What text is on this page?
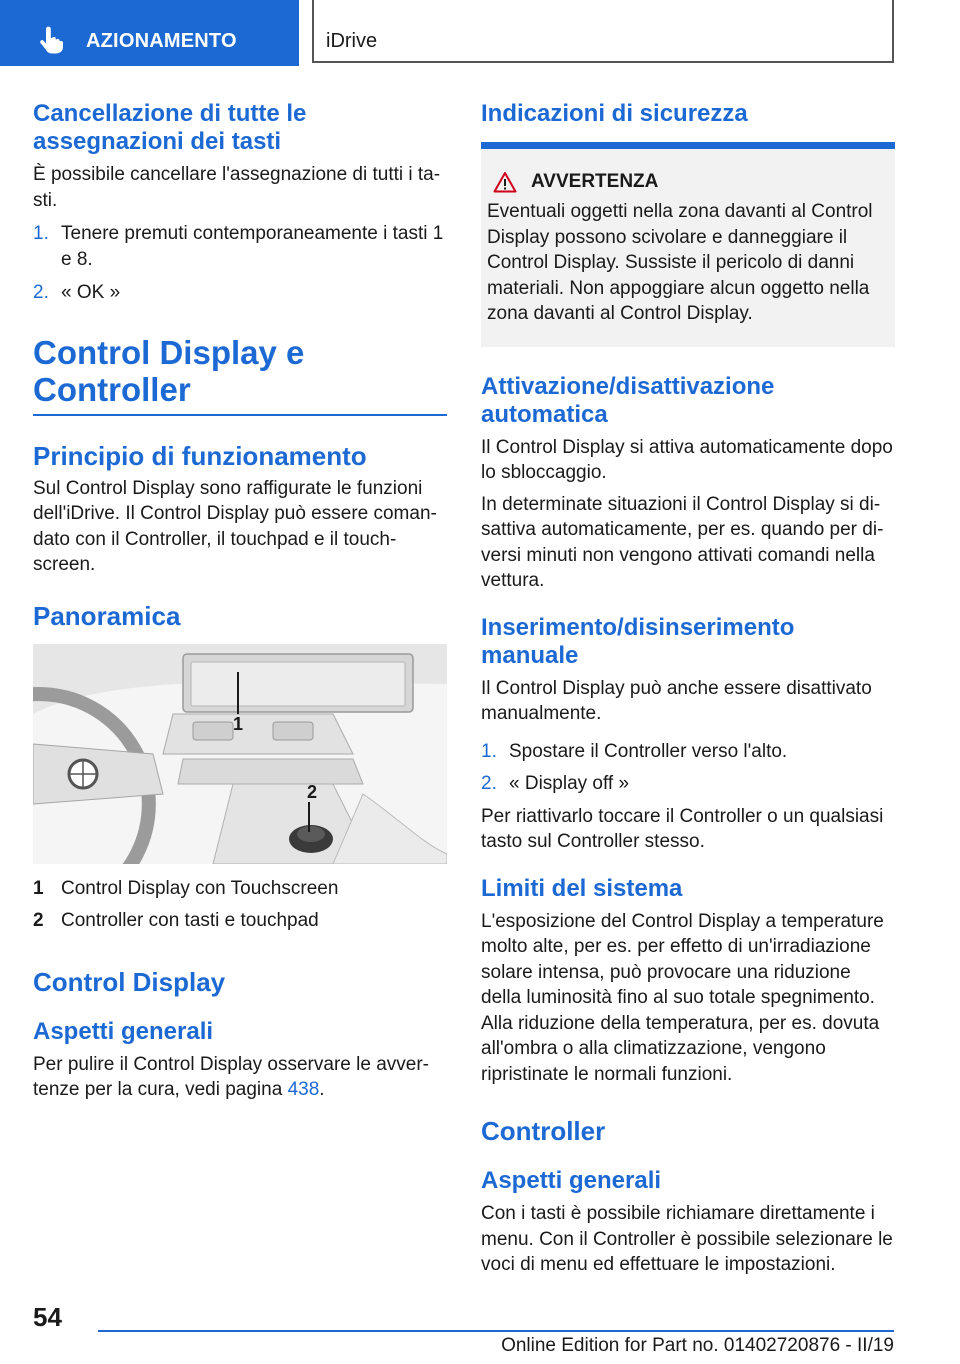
AZIONAMENTO	iDrive
Cancellazione di tutte le assegnazioni dei tasti

È possibile cancellare l'assegnazione di tutti i tasti.

1. Tenere premuti contemporaneamente i tasti 1 e 8.
2. « OK »
Control Display e Controller
Principio di funzionamento

Sul Control Display sono raffigurate le funzioni dell'iDrive. Il Control Display può essere comandato con il Controller, il touchpad e il touchscreen.

Panoramica
1
2
1 Control Display con Touchscreen
2 Controller con tasti e touchpad
Control Display
Aspetti generali

Per pulire il Control Display osservare le avvertenze per la cura, vedi pagina 438.

Indicazioni di sicurezza
AVVERTENZA

Eventuali oggetti nella zona davanti al Control Display possono scivolare e danneggiare il Control Display. Sussiste il pericolo di danni materiali. Non appoggiare alcun oggetto nella zona davanti al Control Display.

Attivazione/disattivazione automatica

Il Control Display si attiva automaticamente dopo lo sbloccaggio.

In determinate situazioni il Control Display si disattiva automaticamente, per es. quando per diversi minuti non vengono attivati comandi nella vettura.

Inserimento/disinserimento manuale

Il Control Display può anche essere disattivato manualmente.

1. Spostare il Controller verso l'alto.
2. « Display off »

Per riattivarlo toccare il Controller o un qualsiasi tasto sul Controller stesso.

Limiti del sistema

L'esposizione del Control Display a temperature molto alte, per es. per effetto di un'irradiazione solare intensa, può provocare una riduzione della luminosità fino al suo totale spegnimento. Alla riduzione della temperatura, per es. dovuta all'ombra o alla climatizzazione, vengono ripristinate le normali funzioni.

Controller
Aspetti generali

Con i tasti è possibile richiamare direttamente i menu. Con il Controller è possibile selezionare le voci di menu ed effettuare le impostazioni.

54
Online Edition for Part no. 01402720876 - II/19
